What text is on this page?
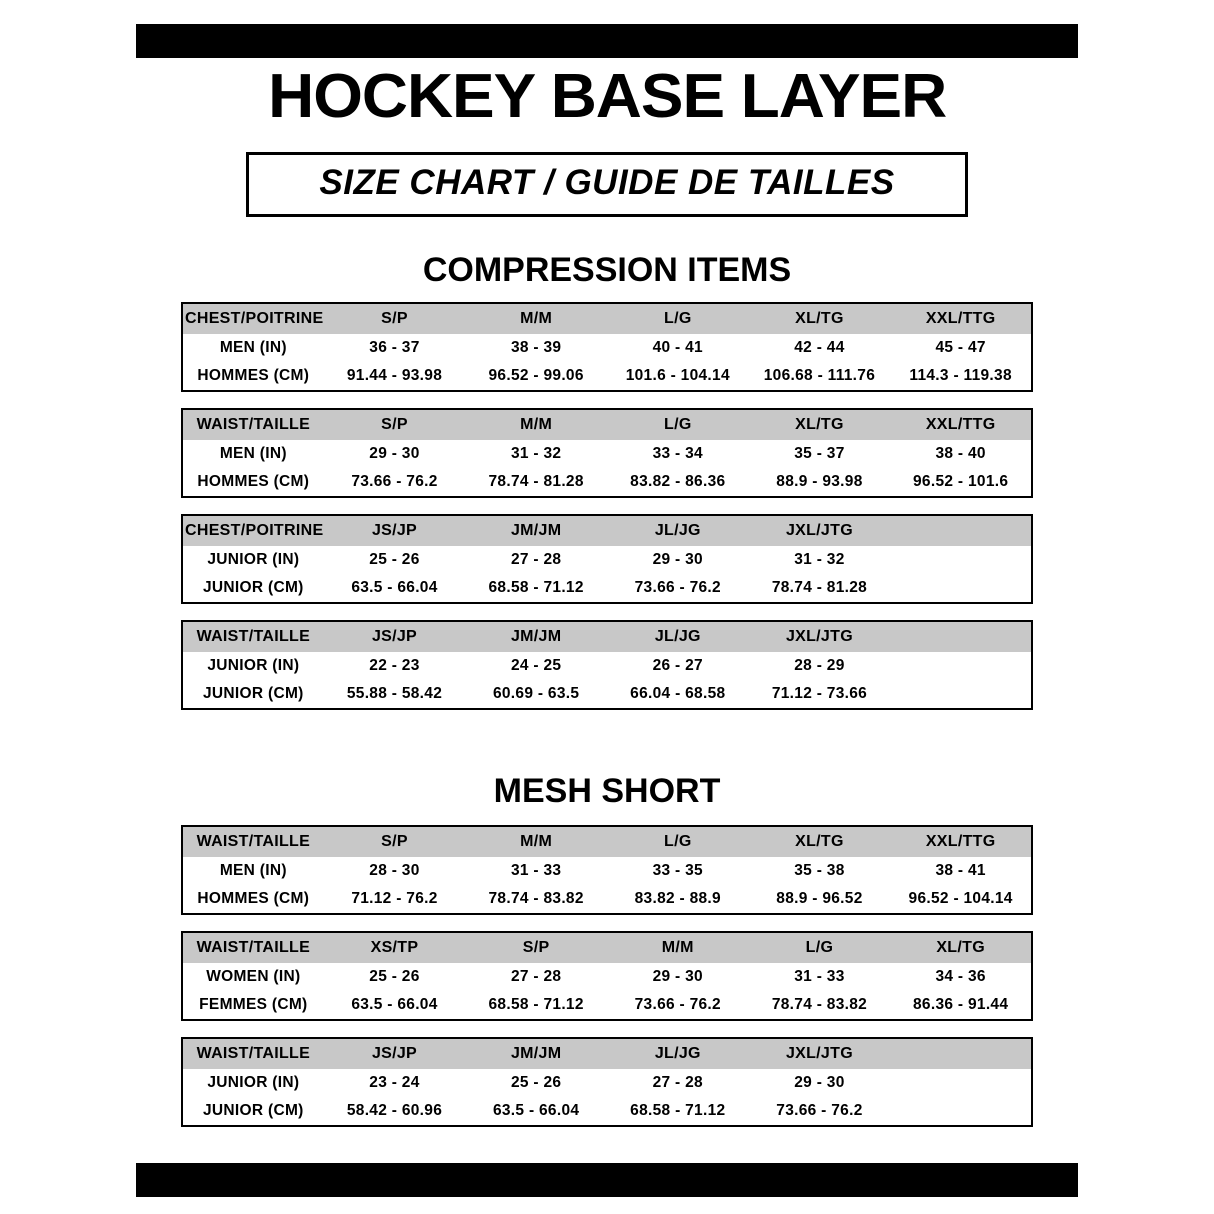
HOCKEY BASE LAYER
SIZE CHART / GUIDE DE TAILLES
COMPRESSION ITEMS
CHEST/POITRINE	S/P	M/M	L/G	XL/TG	XXL/TTG
MEN (IN)	36 - 37	38 - 39	40 - 41	42 - 44	45 - 47
HOMMES (CM)	91.44 - 93.98	96.52 - 99.06	101.6 - 104.14	106.68 - 111.76	114.3 - 119.38
WAIST/TAILLE	S/P	M/M	L/G	XL/TG	XXL/TTG
MEN (IN)	29 - 30	31 - 32	33 - 34	35 - 37	38 - 40
HOMMES (CM)	73.66 - 76.2	78.74 - 81.28	83.82 - 86.36	88.9 - 93.98	96.52 - 101.6
CHEST/POITRINE	JS/JP	JM/JM	JL/JG	JXL/JTG	
JUNIOR (IN)	25 - 26	27 - 28	29 - 30	31 - 32	
JUNIOR (CM)	63.5 - 66.04	68.58 - 71.12	73.66 - 76.2	78.74 - 81.28	
WAIST/TAILLE	JS/JP	JM/JM	JL/JG	JXL/JTG	
JUNIOR (IN)	22 - 23	24 - 25	26 - 27	28 - 29	
JUNIOR (CM)	55.88 - 58.42	60.69 - 63.5	66.04 - 68.58	71.12 - 73.66	
MESH SHORT
WAIST/TAILLE	S/P	M/M	L/G	XL/TG	XXL/TTG
MEN (IN)	28 - 30	31 - 33	33 - 35	35 - 38	38 - 41
HOMMES (CM)	71.12 - 76.2	78.74 - 83.82	83.82 - 88.9	88.9 - 96.52	96.52 - 104.14
WAIST/TAILLE	XS/TP	S/P	M/M	L/G	XL/TG
WOMEN (IN)	25 - 26	27 - 28	29 - 30	31 - 33	34 - 36
FEMMES (CM)	63.5 - 66.04	68.58 - 71.12	73.66 - 76.2	78.74 - 83.82	86.36 - 91.44
WAIST/TAILLE	JS/JP	JM/JM	JL/JG	JXL/JTG	
JUNIOR (IN)	23 - 24	25 - 26	27 - 28	29 - 30	
JUNIOR (CM)	58.42 - 60.96	63.5 - 66.04	68.58 - 71.12	73.66 - 76.2	
